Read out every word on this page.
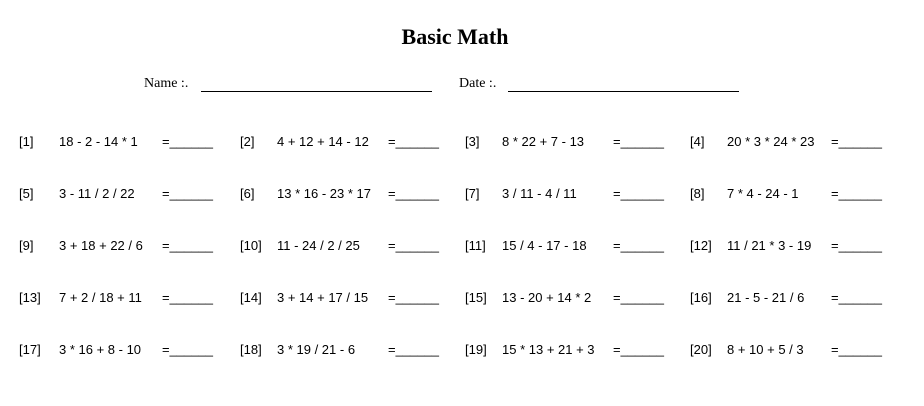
Basic Math
Name :.	Date :.
[1] 18 - 2 - 14 * 1 =______ [2] 4 + 12 + 14 - 12 =______ [3] 8 * 22 + 7 - 13 =______ [4] 20 * 3 * 24 * 23 =______
[5] 3 - 11 / 2 / 22 =______ [6] 13 * 16 - 23 * 17 =______ [7] 3 / 11 - 4 / 11	=______ [8] 7 * 4 - 24 - 1 =______
[9] 3 + 18 + 22 / 6 =______ [10] 11 - 24 / 2 / 25 =______ [11] 15 / 4 - 17 - 18 =______ [12] 11 / 21 * 3 - 19 =______
[13] 7 + 2 / 18 + 11 =______ [14] 3 + 14 + 17 / 15 =______ [15] 13 - 20 + 14 * 2 =______ [16] 21 - 5 - 21 / 6 =______
[17] 3 * 16 + 8 - 10 =______ [18] 3 * 19 / 21 - 6	=______ [19] 15 * 13 + 21 + 3 =______ [20] 8 + 10 + 5 / 3 =______
